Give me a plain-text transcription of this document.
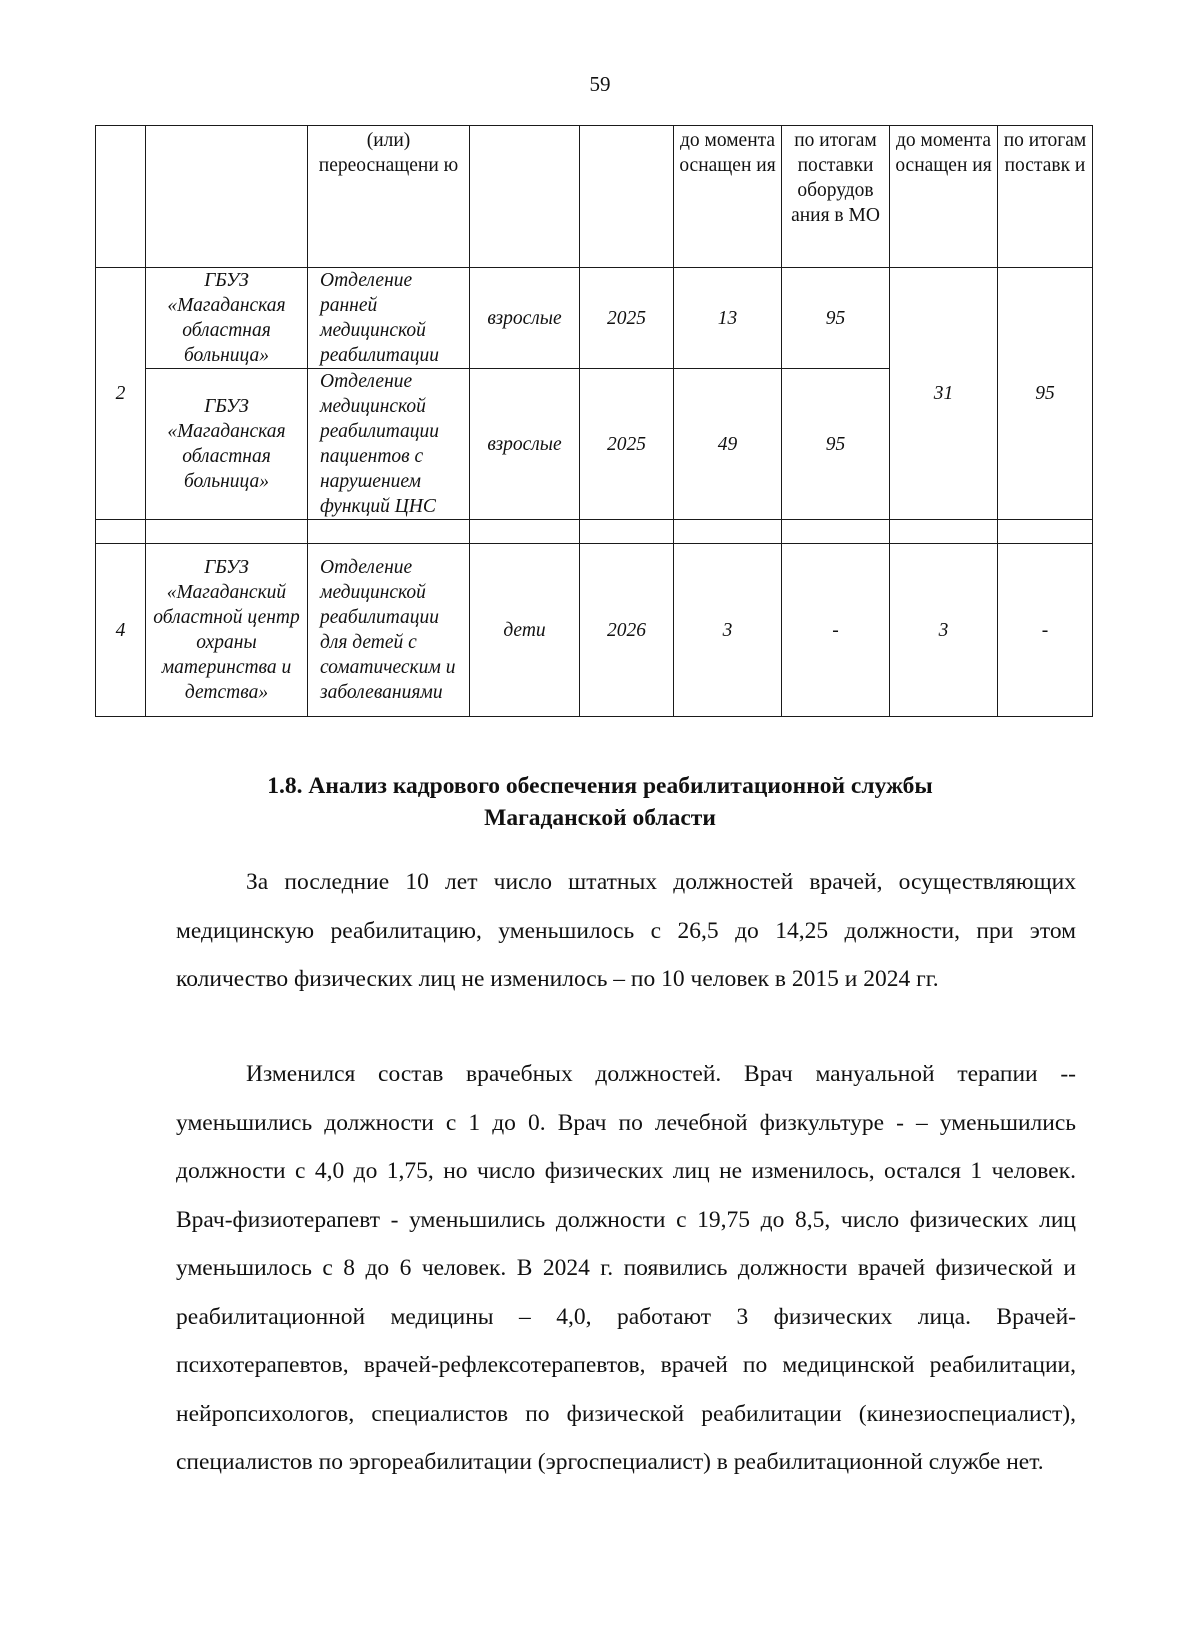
59
		(или) переоснащени ю			до момента оснащен ия	по итогам поставки оборудов ания в МО	до момента оснащен ия	по итогам поставк и
2	ГБУЗ «Магаданская областная больница»	Отделение ранней медицинской реабилитации	взрослые	2025	13	95	31	95
	ГБУЗ «Магаданская областная больница»	Отделение медицинской реабилитации пациентов с нарушением функций ЦНС	взрослые	2025	49	95		

4	ГБУЗ «Магаданский областной центр охраны материнства и детства»	Отделение медицинской реабилитации для детей с соматическим и заболеваниями	дети	2026	3	-	3	-
1.8. Анализ кадрового обеспечения реабилитационной службы
Магаданской области

За последние 10 лет число штатных должностей врачей, осуществляющих медицинскую реабилитацию, уменьшилось с 26,5 до 14,25 должности, при этом количество физических лиц не изменилось – по 10 человек в 2015 и 2024 гг.

Изменился состав врачебных должностей. Врач мануальной терапии -- уменьшились должности с 1 до 0. Врач по лечебной физкультуре - – уменьшились должности с 4,0 до 1,75, но число физических лиц не изменилось, остался 1 человек. Врач-физиотерапевт - уменьшились должности с 19,75 до 8,5, число физических лиц уменьшилось с 8 до 6 человек. В 2024 г. появились должности врачей физической и реабилитационной медицины – 4,0, работают 3 физических лица. Врачей-психотерапевтов, врачей-рефлексотерапевтов, врачей по медицинской реабилитации, нейропсихологов, специалистов по физической реабилитации (кинезиоспециалист), специалистов по эргореабилитации (эргоспециалист) в реабилитационной службе нет.
